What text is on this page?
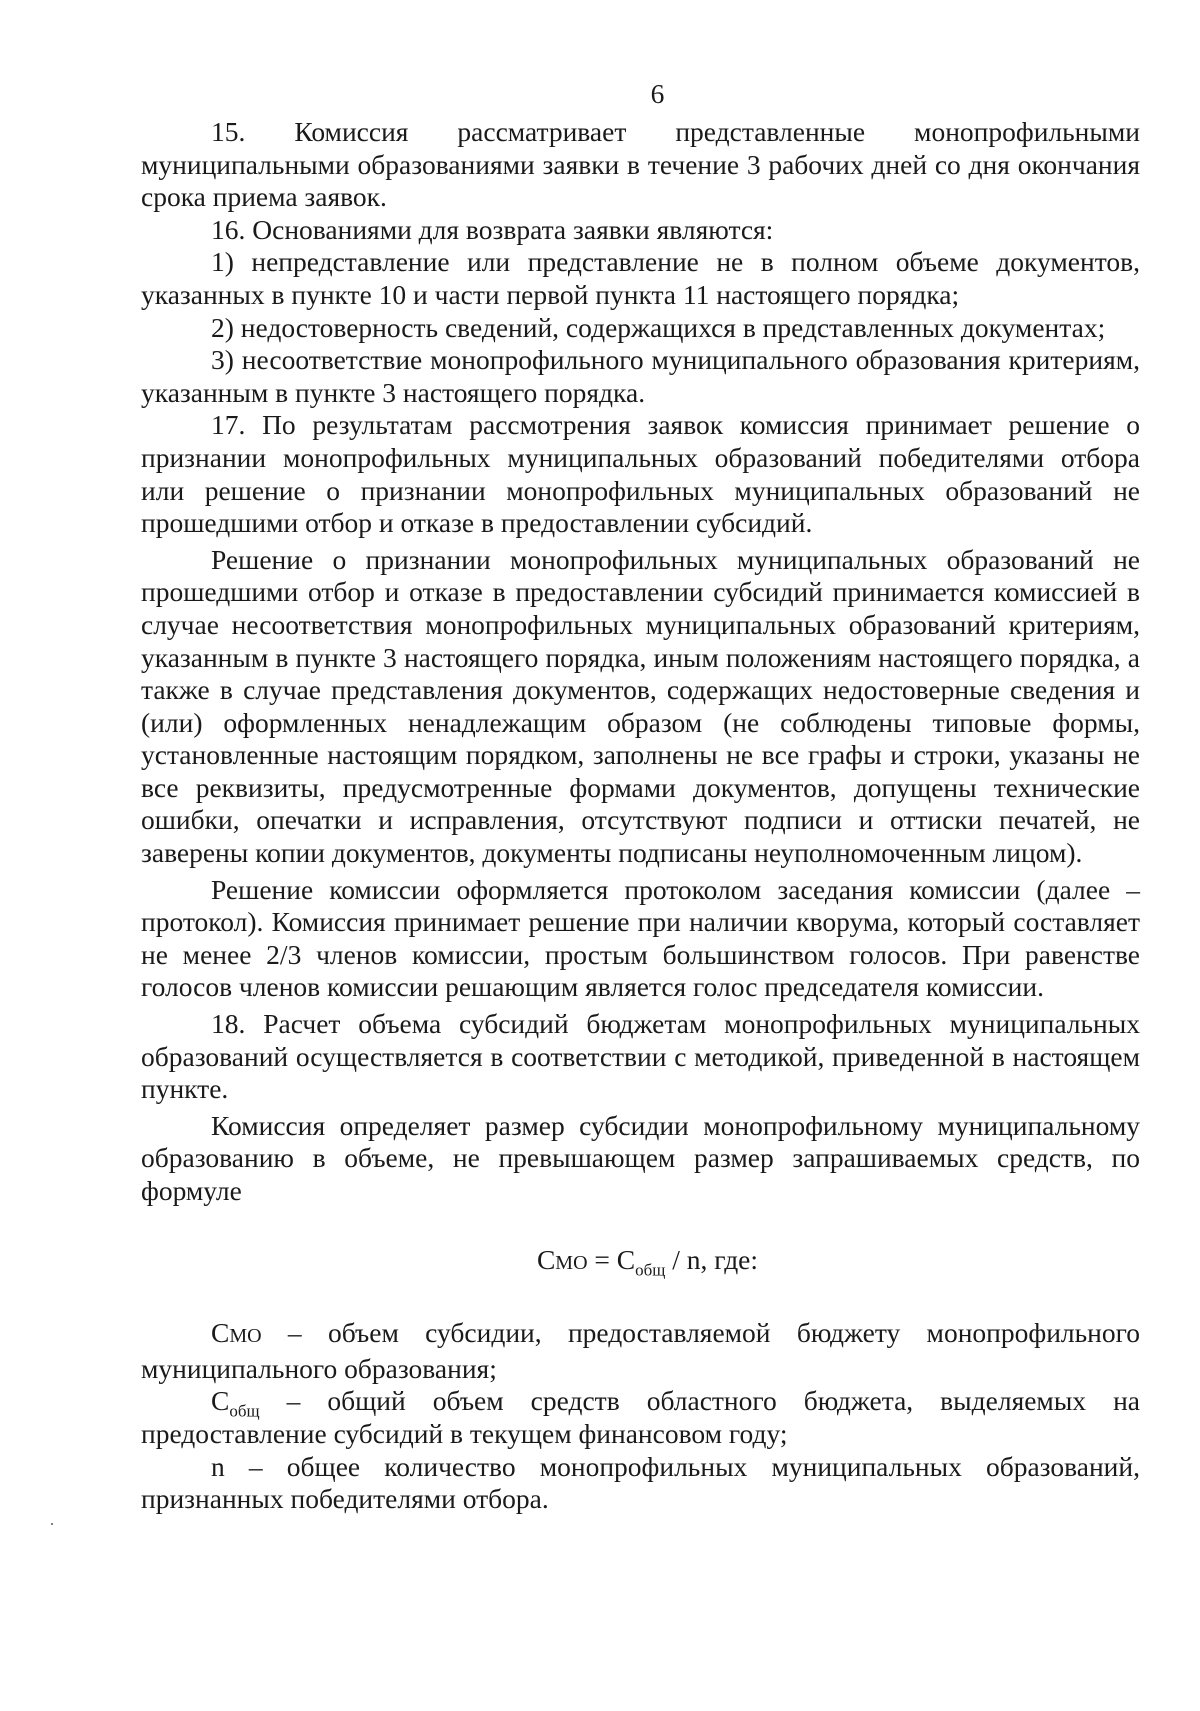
6

15. Комиссия рассматривает представленные монопрофильными муниципальными образованиями заявки в течение 3 рабочих дней со дня окончания срока приема заявок.

16. Основаниями для возврата заявки являются:

1) непредставление или представление не в полном объеме документов, указанных в пункте 10 и части первой пункта 11 настоящего порядка;

2) недостоверность сведений, содержащихся в представленных документах;

3) несоответствие монопрофильного муниципального образования критериям, указанным в пункте 3 настоящего порядка.

17. По результатам рассмотрения заявок комиссия принимает решение о признании монопрофильных муниципальных образований победителями отбора или решение о признании монопрофильных муниципальных образований не прошедшими отбор и отказе в предоставлении субсидий.

Решение о признании монопрофильных муниципальных образований не прошедшими отбор и отказе в предоставлении субсидий принимается комиссией в случае несоответствия монопрофильных муниципальных образований критериям, указанным в пункте 3 настоящего порядка, иным положениям настоящего порядка, а также в случае представления документов, содержащих недостоверные сведения и (или) оформленных ненадлежащим образом (не соблюдены типовые формы, установленные настоящим порядком, заполнены не все графы и строки, указаны не все реквизиты, предусмотренные формами документов, допущены технические ошибки, опечатки и исправления, отсутствуют подписи и оттиски печатей, не заверены копии документов, документы подписаны неуполномоченным лицом).

Решение комиссии оформляется протоколом заседания комиссии (далее – протокол). Комиссия принимает решение при наличии кворума, который составляет не менее 2/3 членов комиссии, простым большинством голосов. При равенстве голосов членов комиссии решающим является голос председателя комиссии.

18. Расчет объема субсидий бюджетам монопрофильных муниципальных образований осуществляется в соответствии с методикой, приведенной в настоящем пункте.

Комиссия определяет размер субсидии монопрофильному муниципальному образованию в объеме, не превышающем размер запрашиваемых средств, по формуле

СМО = $С_{общ}$ / n, где:

СМО – объем субсидии, предоставляемой бюджету монопрофильного муниципального образования;

$С_{общ}$ – общий объем средств областного бюджета, выделяемых на предоставление субсидий в текущем финансовом году;

n – общее количество монопрофильных муниципальных образований, признанных победителями отбора.
